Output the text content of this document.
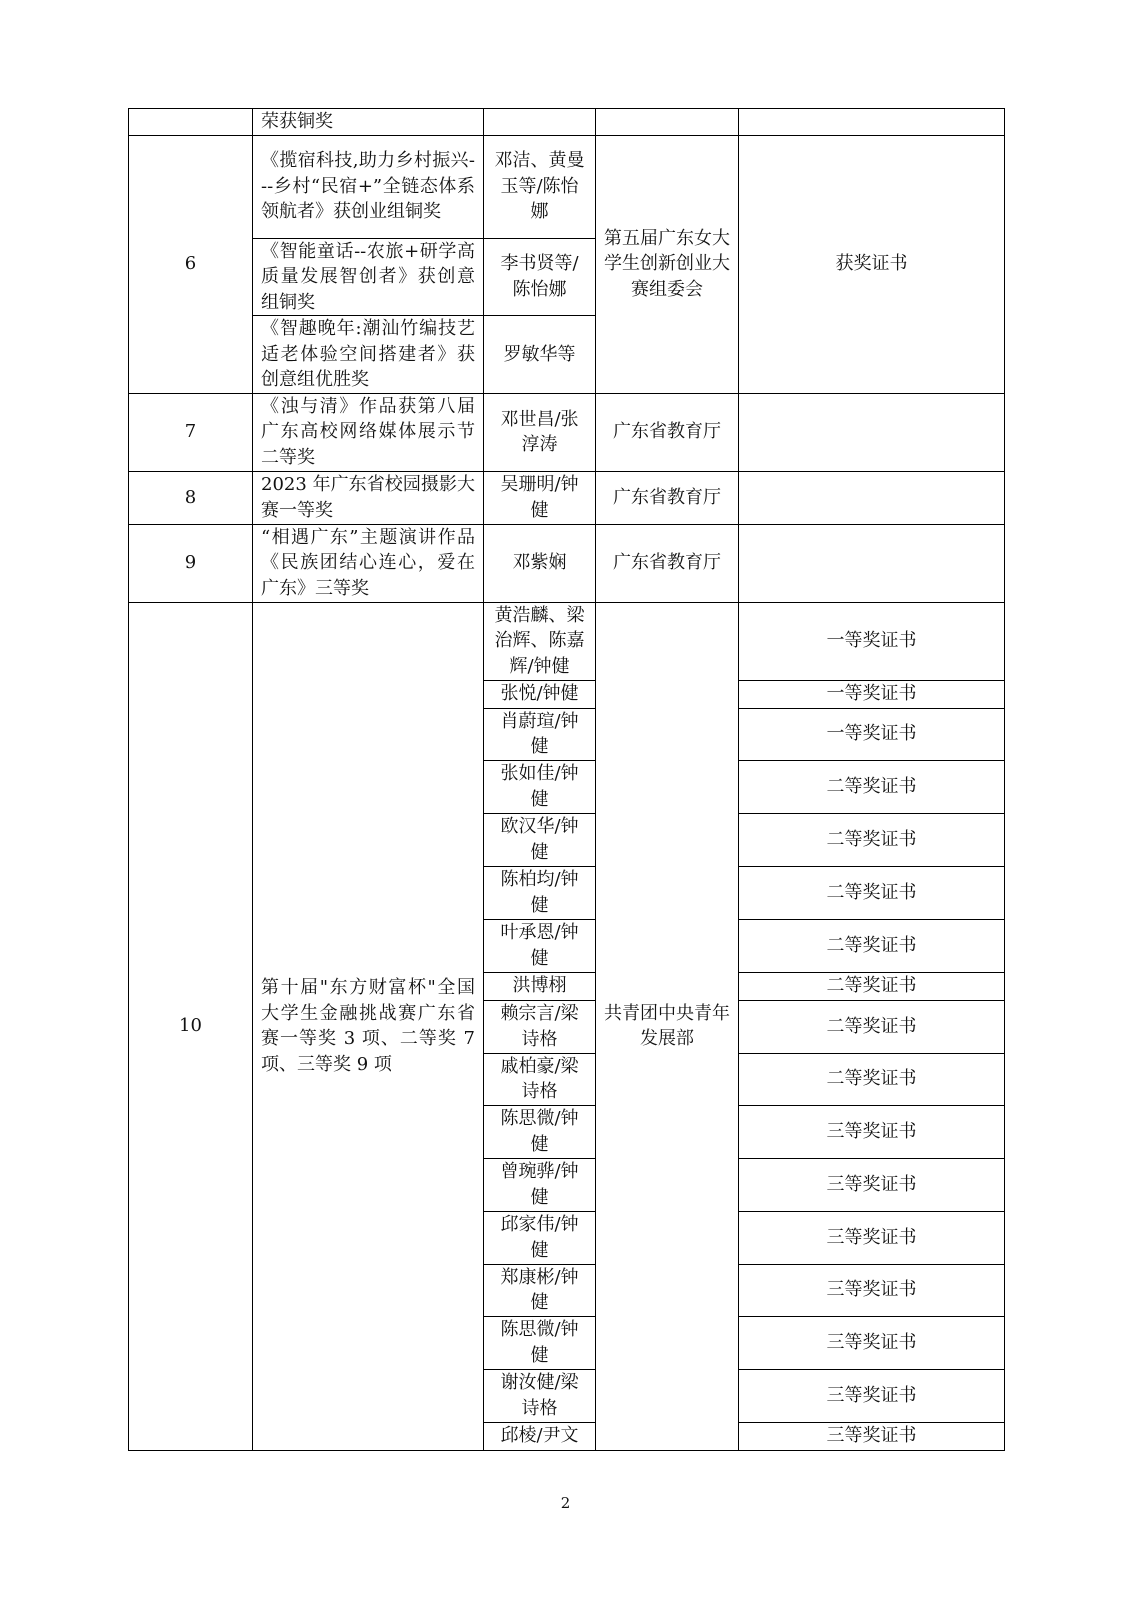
	荣获铜奖			
6	《揽宿科技,助力乡村振兴---乡村“民宿+”全链态体系领航者》获创业组铜奖	邓洁、黄曼玉等/陈怡娜	第五届广东女大学生创新创业大赛组委会	获奖证书
	《智能童话--农旅+研学高质量发展智创者》获创意组铜奖	李书贤等/陈怡娜		
	《智趣晚年:潮汕竹编技艺适老体验空间搭建者》获创意组优胜奖	罗敏华等		
7	《浊与清》作品获第八届广东高校网络媒体展示节二等奖	邓世昌/张淳涛	广东省教育厅	
8	2023 年广东省校园摄影大赛一等奖	吴珊明/钟健	广东省教育厅	
9	“相遇广东”主题演讲作品《民族团结心连心，爱在广东》三等奖	邓紫娴	广东省教育厅	
10	第十届"东方财富杯"全国大学生金融挑战赛广东省赛一等奖 3 项、二等奖 7 项、三等奖 9 项	黄浩麟、梁治辉、陈嘉辉/钟健	共青团中央青年发展部	一等奖证书
		张悦/钟健		一等奖证书
		肖蔚瑄/钟健		一等奖证书
		张如佳/钟健		二等奖证书
		欧汉华/钟健		二等奖证书
		陈柏均/钟健		二等奖证书
		叶承恩/钟健		二等奖证书
		洪博栩		二等奖证书
		赖宗言/梁诗格		二等奖证书
		戚柏豪/梁诗格		二等奖证书
		陈思微/钟健		三等奖证书
		曾琬骅/钟健		三等奖证书
		邱家伟/钟健		三等奖证书
		郑康彬/钟健		三等奖证书
		陈思微/钟健		三等奖证书
		谢汝健/梁诗格		三等奖证书
		邱棱/尹文		三等奖证书
2
